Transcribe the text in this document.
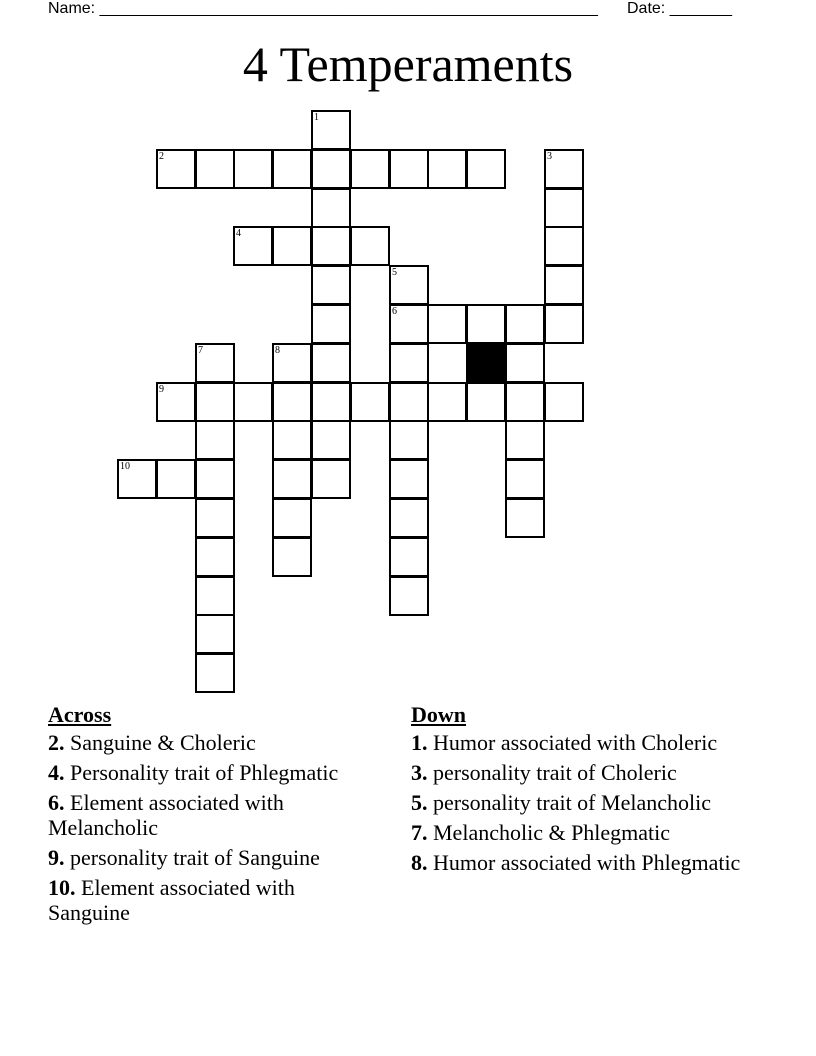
Name: ________________________________________________________ Date: _______
4 Temperaments
1
2	3
4
5
6
7	8
9
10
Across
2. Sanguine & Choleric
4. Personality trait of Phlegmatic
6. Element associated with Melancholic
9. personality trait of Sanguine
10. Element associated with Sanguine
Down
1. Humor associated with Choleric
3. personality trait of Choleric
5. personality trait of Melancholic
7. Melancholic & Phlegmatic
8. Humor associated with Phlegmatic
